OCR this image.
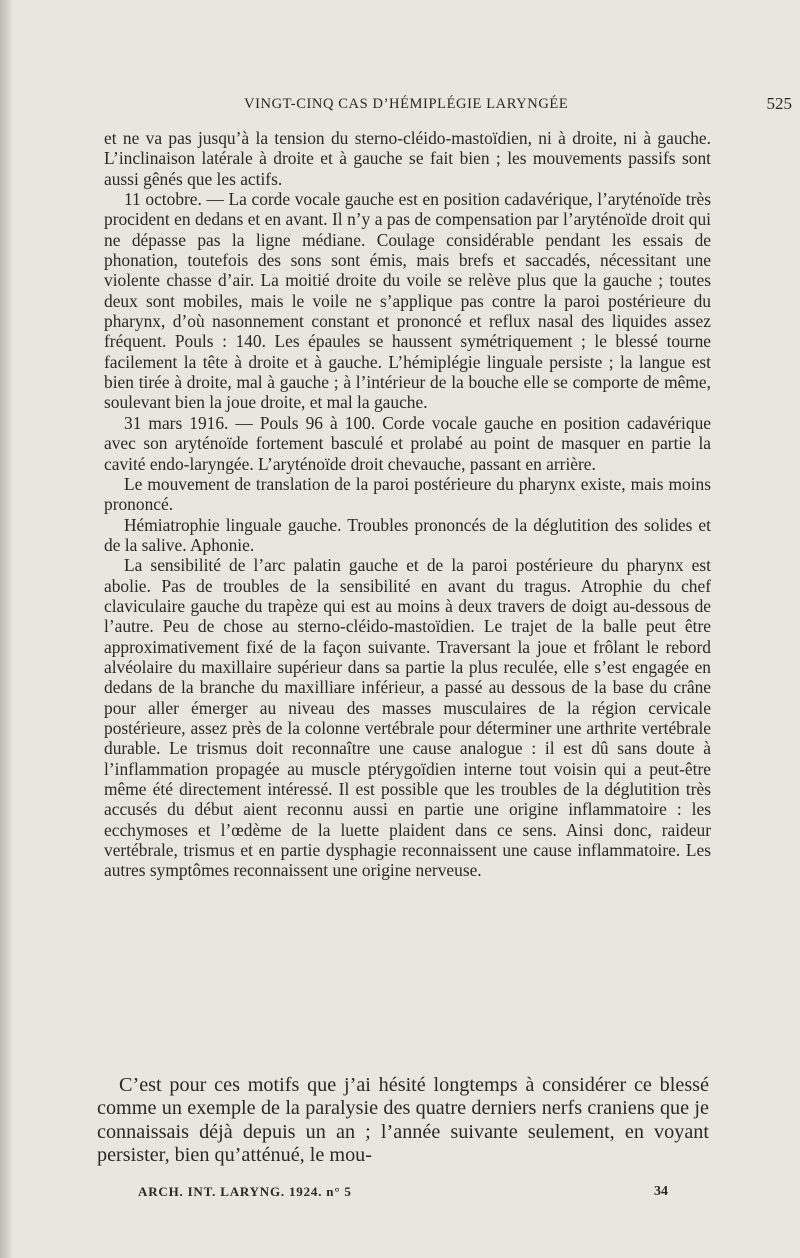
VINGT-CINQ CAS D’HÉMIPLÉGIE LARYNGÉE	525

et ne va pas jusqu’à la tension du sterno-cléido-mastoïdien, ni à droite, ni à gauche. L’inclinaison latérale à droite et à gauche se fait bien ; les mouvements passifs sont aussi gênés que les actifs.

11 octobre. — La corde vocale gauche est en position cadavérique, l’aryténoïde très procident en dedans et en avant. Il n’y a pas de compensation par l’aryténoïde droit qui ne dépasse pas la ligne médiane. Coulage considérable pendant les essais de phonation, toutefois des sons sont émis, mais brefs et saccadés, nécessitant une violente chasse d’air. La moitié droite du voile se relève plus que la gauche ; toutes deux sont mobiles, mais le voile ne s’applique pas contre la paroi postérieure du pharynx, d’où nasonnement constant et prononcé et reflux nasal des liquides assez fréquent. Pouls : 140. Les épaules se haussent symétriquement ; le blessé tourne facilement la tête à droite et à gauche. L’hémiplégie linguale persiste ; la langue est bien tirée à droite, mal à gauche ; à l’intérieur de la bouche elle se comporte de même, soulevant bien la joue droite, et mal la gauche.

31 mars 1916. — Pouls 96 à 100. Corde vocale gauche en position cadavérique avec son aryténoïde fortement basculé et prolabé au point de masquer en partie la cavité endo-laryngée. L’aryténoïde droit chevauche, passant en arrière.

Le mouvement de translation de la paroi postérieure du pharynx existe, mais moins prononcé.

Hémiatrophie linguale gauche. Troubles prononcés de la déglutition des solides et de la salive. Aphonie.

La sensibilité de l’arc palatin gauche et de la paroi postérieure du pharynx est abolie. Pas de troubles de la sensibilité en avant du tragus. Atrophie du chef claviculaire gauche du trapèze qui est au moins à deux travers de doigt au-dessous de l’autre. Peu de chose au sterno-cléido-mastoïdien. Le trajet de la balle peut être approximativement fixé de la façon suivante. Traversant la joue et frôlant le rebord alvéolaire du maxillaire supérieur dans sa partie la plus reculée, elle s’est engagée en dedans de la branche du maxilliare inférieur, a passé au dessous de la base du crâne pour aller émerger au niveau des masses musculaires de la région cervicale postérieure, assez près de la colonne vertébrale pour déterminer une arthrite vertébrale durable. Le trismus doit reconnaître une cause analogue : il est dû sans doute à l’inflammation propagée au muscle ptérygoïdien interne tout voisin qui a peut-être même été directement intéressé. Il est possible que les troubles de la déglutition très accusés du début aient reconnu aussi en partie une origine inflammatoire : les ecchymoses et l’œdème de la luette plaident dans ce sens. Ainsi donc, raideur vertébrale, trismus et en partie dysphagie reconnaissent une cause inflammatoire. Les autres symptômes reconnaissent une origine nerveuse.

C’est pour ces motifs que j’ai hésité longtemps à considérer ce blessé comme un exemple de la paralysie des quatre derniers nerfs craniens que je connaissais déjà depuis un an ; l’année suivante seulement, en voyant persister, bien qu’atténué, le mou-

ARCH. INT. LARYNG. 1924. n° 5	34
